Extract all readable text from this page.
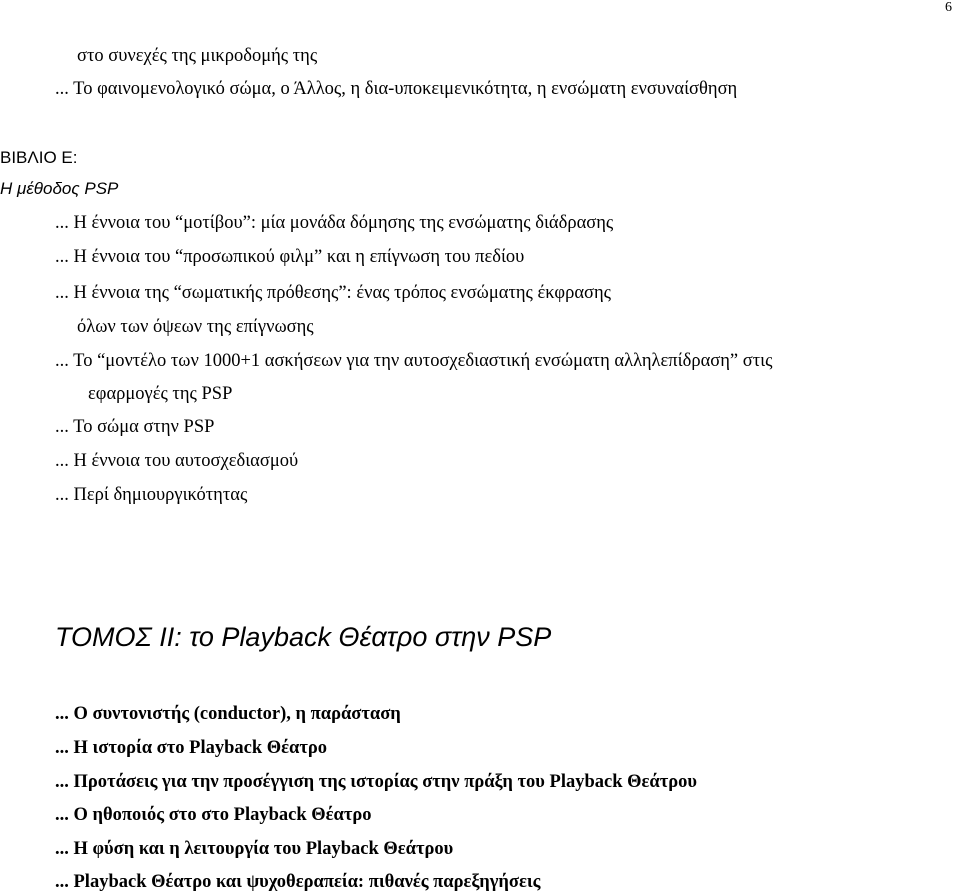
6
στο συνεχές της μικροδομής της
... Το φαινομενολογικό σώμα, ο Άλλος, η δια-υποκειμενικότητα, η ενσώματη ενσυναίσθηση
ΒΙΒΛΙΟ Ε:
Η μέθοδος PSP
... Η έννοια του “μοτίβου”: μία μονάδα δόμησης της ενσώματης διάδρασης
... Η έννοια του “προσωπικού φιλμ” και η επίγνωση του πεδίου
... Η έννοια της “σωματικής πρόθεσης”: ένας τρόπος ενσώματης έκφρασης
όλων των όψεων της επίγνωσης
... Το “μοντέλο των 1000+1 ασκήσεων για την αυτοσχεδιαστική ενσώματη αλληλεπίδραση” στις
εφαρμογές της PSP
... Το σώμα στην PSP
... Η έννοια του αυτοσχεδιασμού
... Περί δημιουργικότητας
ΤΟΜΟΣ ΙΙ: το Playback Θέατρο στην PSP
... Ο συντονιστής (conductor), η παράσταση
... Η ιστορία στο Playback Θέατρο
... Προτάσεις για την προσέγγιση της ιστορίας στην πράξη του Playback Θεάτρου
... Ο ηθοποιός στο στο Playback Θέατρο
... Η φύση και η λειτουργία του Playback Θεάτρου
... Playback Θέατρο και ψυχοθεραπεία: πιθανές παρεξηγήσεις
